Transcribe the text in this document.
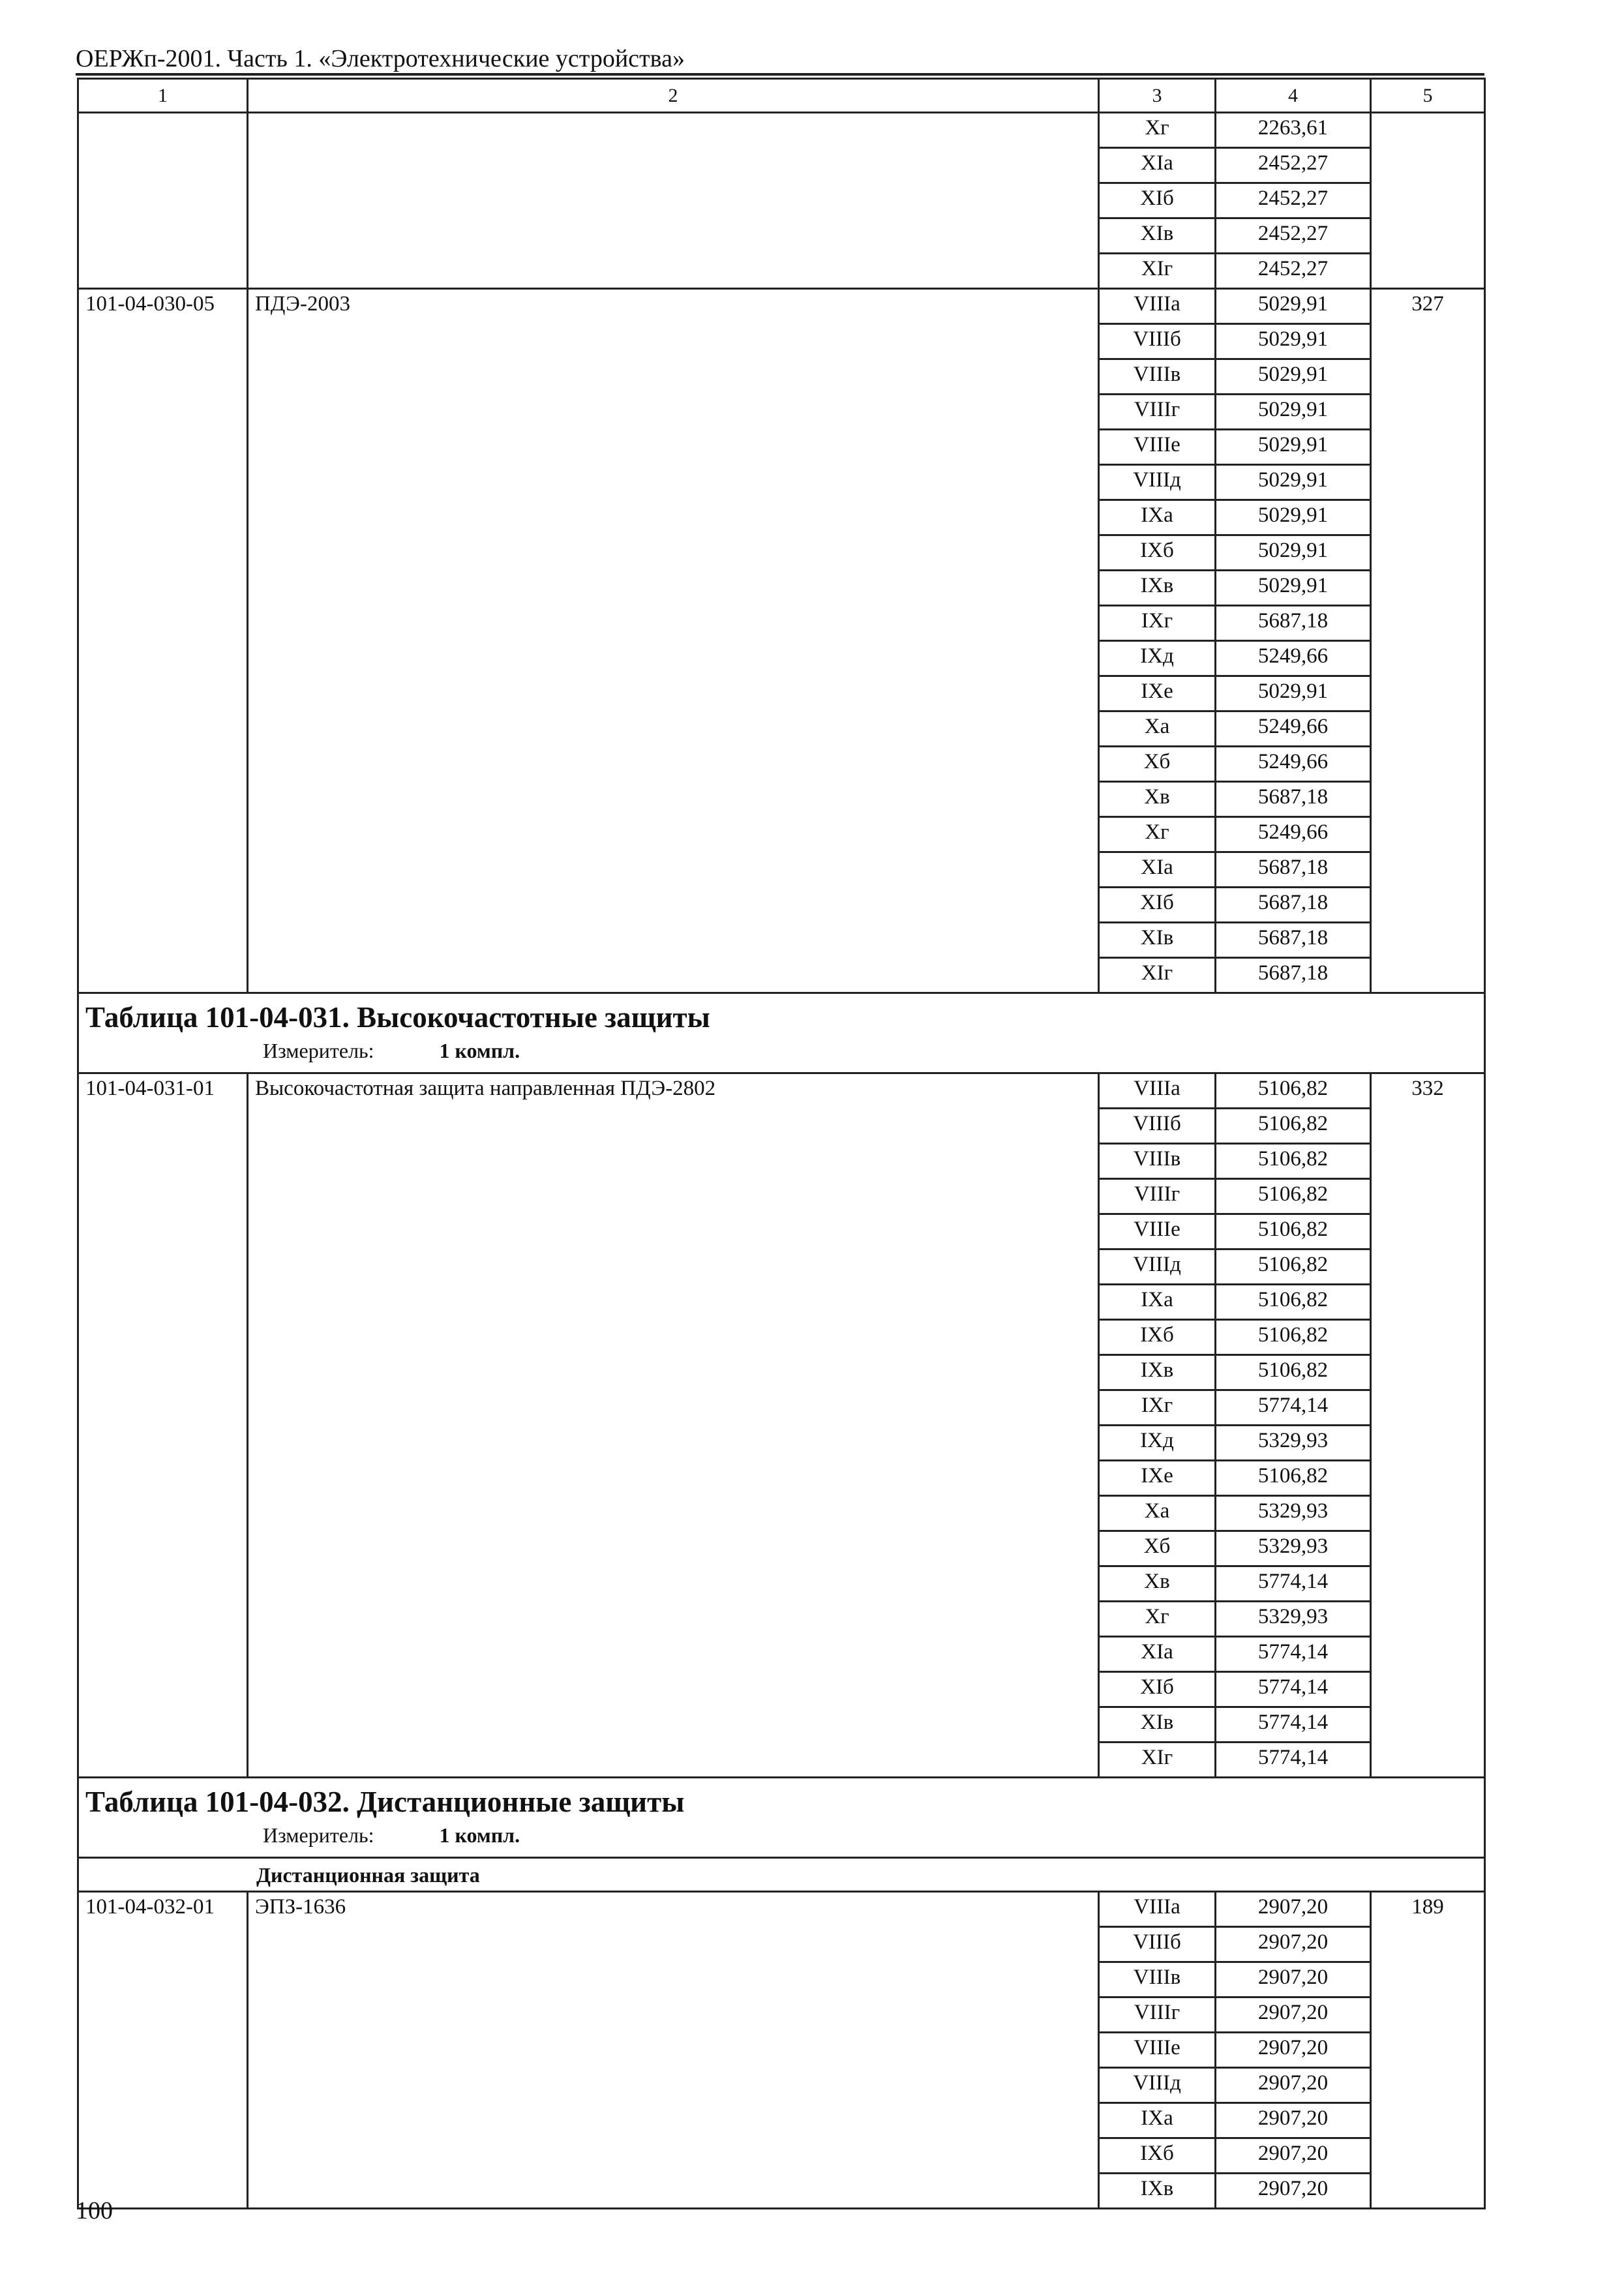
ОЕРЖп-2001. Часть 1. «Электротехнические устройства»
1	2	3	4	5
		Xг	2263,61	
		XIа	2452,27	
		XIб	2452,27	
		XIв	2452,27	
		XIг	2452,27	
101-04-030-05	ПДЭ-2003	VIIIа	5029,91	327
		VIIIб	5029,91	
		VIIIв	5029,91	
		VIIIг	5029,91	
		VIIIе	5029,91	
		VIIIд	5029,91	
		IXа	5029,91	
		IXб	5029,91	
		IXв	5029,91	
		IXг	5687,18	
		IXд	5249,66	
		IXе	5029,91	
		Xа	5249,66	
		Xб	5249,66	
		Xв	5687,18	
		Xг	5249,66	
		XIа	5687,18	
		XIб	5687,18	
		XIв	5687,18	
		XIг	5687,18	

Таблица 101-04-031. Высокочастотные защиты
Измеритель: 1 компл.				

101-04-031-01	Высокочастотная защита направленная ПДЭ-2802	VIIIа	5106,82	332
		VIIIб	5106,82	
		VIIIв	5106,82	
		VIIIг	5106,82	
		VIIIе	5106,82	
		VIIIд	5106,82	
		IXа	5106,82	
		IXб	5106,82	
		IXв	5106,82	
		IXг	5774,14	
		IXд	5329,93	
		IXе	5106,82	
		Xа	5329,93	
		Xб	5329,93	
		Xв	5774,14	
		Xг	5329,93	
		XIа	5774,14	
		XIб	5774,14	
		XIв	5774,14	
		XIг	5774,14	

Таблица 101-04-032. Дистанционные защиты
Измеритель: 1 компл.				

Дистанционная защита				
101-04-032-01	ЭПЗ-1636	VIIIа	2907,20	189
		VIIIб	2907,20	
		VIIIв	2907,20	
		VIIIг	2907,20	
		VIIIе	2907,20	
		VIIIд	2907,20	
		IXа	2907,20	
		IXб	2907,20	
		IXв	2907,20	
100
